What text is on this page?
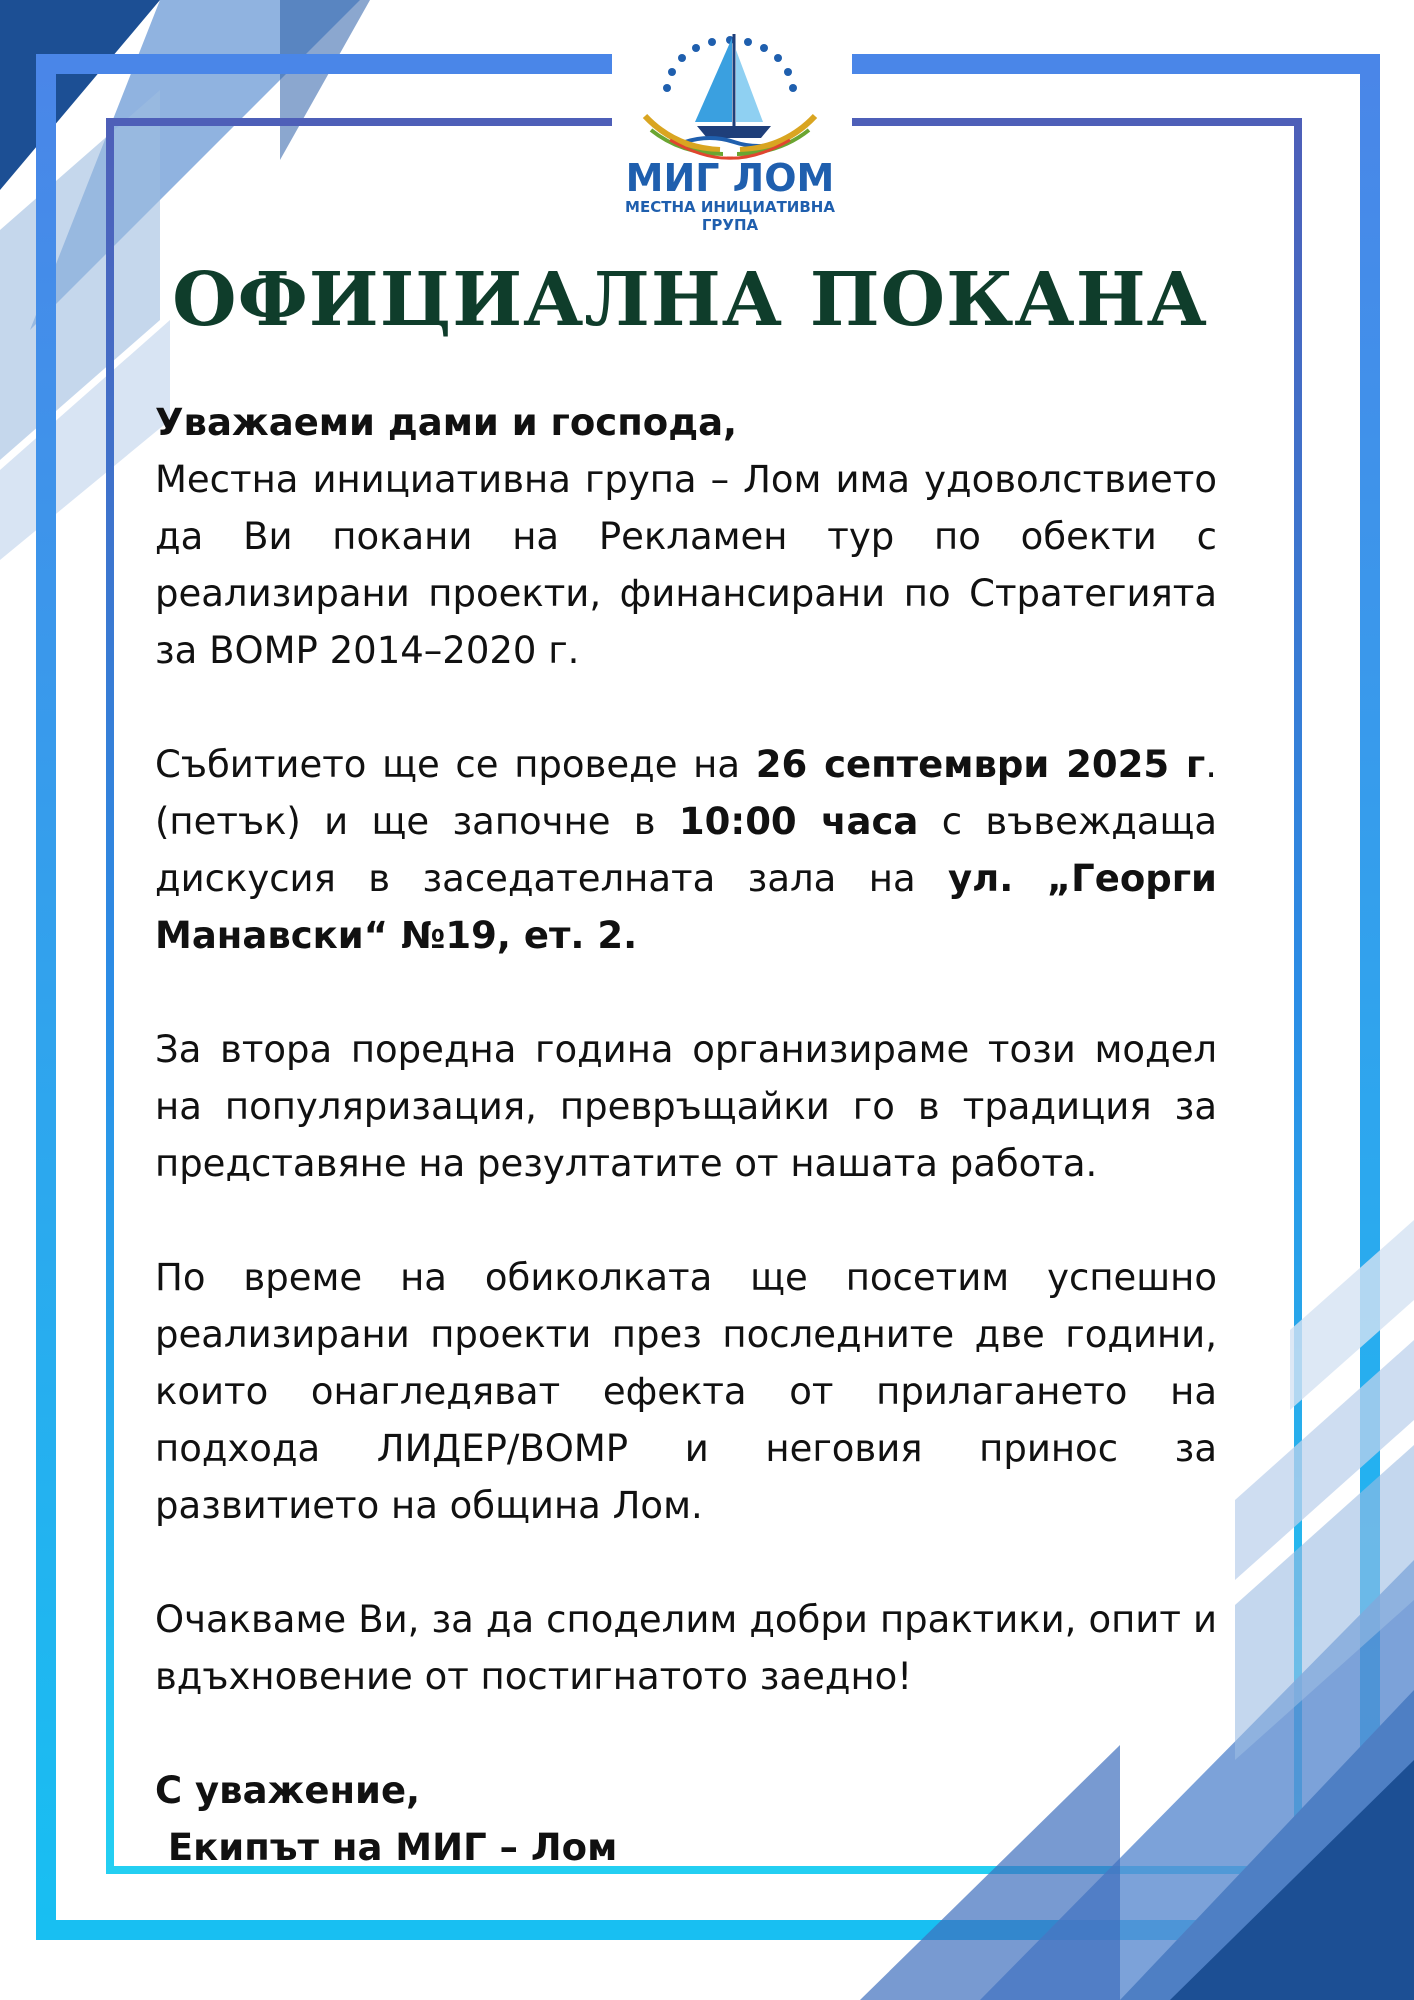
МИГ ЛОМ
МЕСТНА ИНИЦИАТИВНА
ГРУПА
ОФИЦИАЛНА ПОКАНА

Уважаеми дами и господа,

Местна инициативна група – Лом има удоволствието да Ви покани на Рекламен тур по обекти с реализирани проекти, финансирани по Стратегията за ВОМР 2014–2020 г.

Събитието ще се проведе на 26 септември 2025 г. (петък) и ще започне в 10:00 часа с въвеждаща дискусия в заседателната зала на ул. „Георги Манавски“ №19, ет. 2.

За втора поредна година организираме този модел на популяризация, превръщайки го в традиция за представяне на резултатите от нашата работа.

По време на обиколката ще посетим успешно реализирани проекти през последните две години, които онагледяват ефекта от прилагането на подхода ЛИДЕР/ВОМР и неговия принос за развитието на община Лом.

Очакваме Ви, за да споделим добри практики, опит и вдъхновение от постигнатото заедно!

С уважение,

Екипът на МИГ – Лом
